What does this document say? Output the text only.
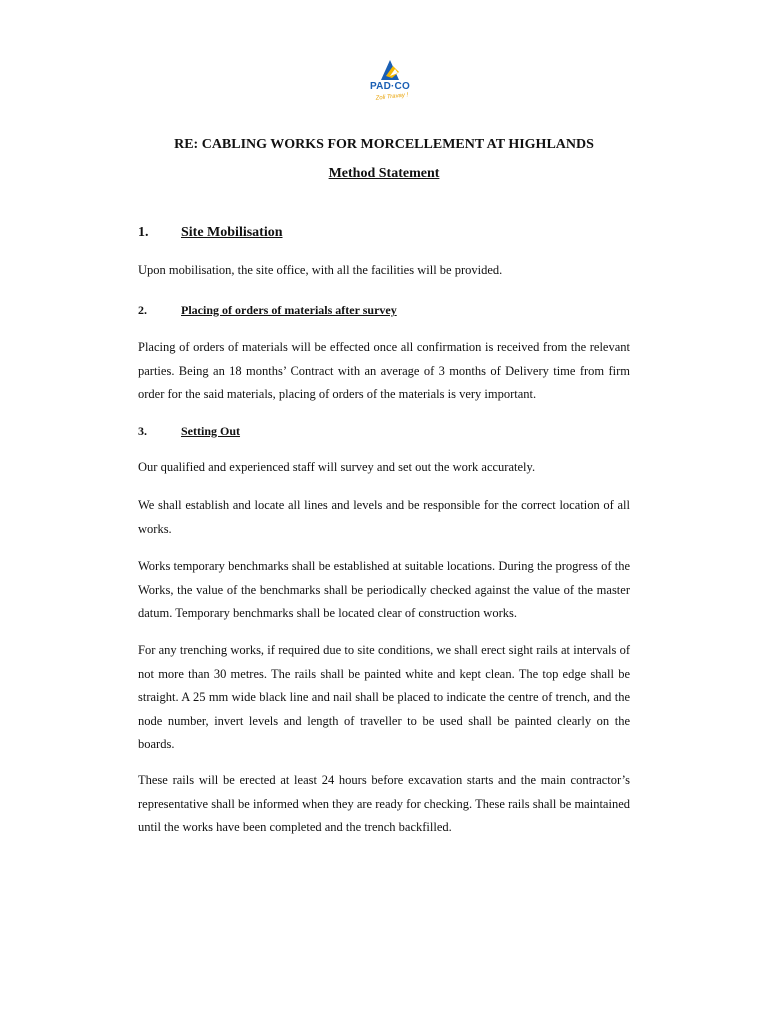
PAD·CO
Zoli Travay !
RE: CABLING WORKS FOR MORCELLEMENT AT HIGHLANDS
Method Statement
1. Site Mobilisation

Upon mobilisation, the site office, with all the facilities will be provided.

2.	Placing of orders of materials after survey

Placing of orders of materials will be effected once all confirmation is received from the relevant parties. Being an 18 months’ Contract with an average of 3 months of Delivery time from firm order for the said materials, placing of orders of the materials is very important.

3.	Setting Out

Our qualified and experienced staff will survey and set out the work accurately.

We shall establish and locate all lines and levels and be responsible for the correct location of all works.

Works temporary benchmarks shall be established at suitable locations. During the progress of the Works, the value of the benchmarks shall be periodically checked against the value of the master datum. Temporary benchmarks shall be located clear of construction works.

For any trenching works, if required due to site conditions, we shall erect sight rails at intervals of not more than 30 metres. The rails shall be painted white and kept clean. The top edge shall be straight. A 25 mm wide black line and nail shall be placed to indicate the centre of trench, and the node number, invert levels and length of traveller to be used shall be painted clearly on the boards.

These rails will be erected at least 24 hours before excavation starts and the main contractor’s representative shall be informed when they are ready for checking. These rails shall be maintained until the works have been completed and the trench backfilled.
